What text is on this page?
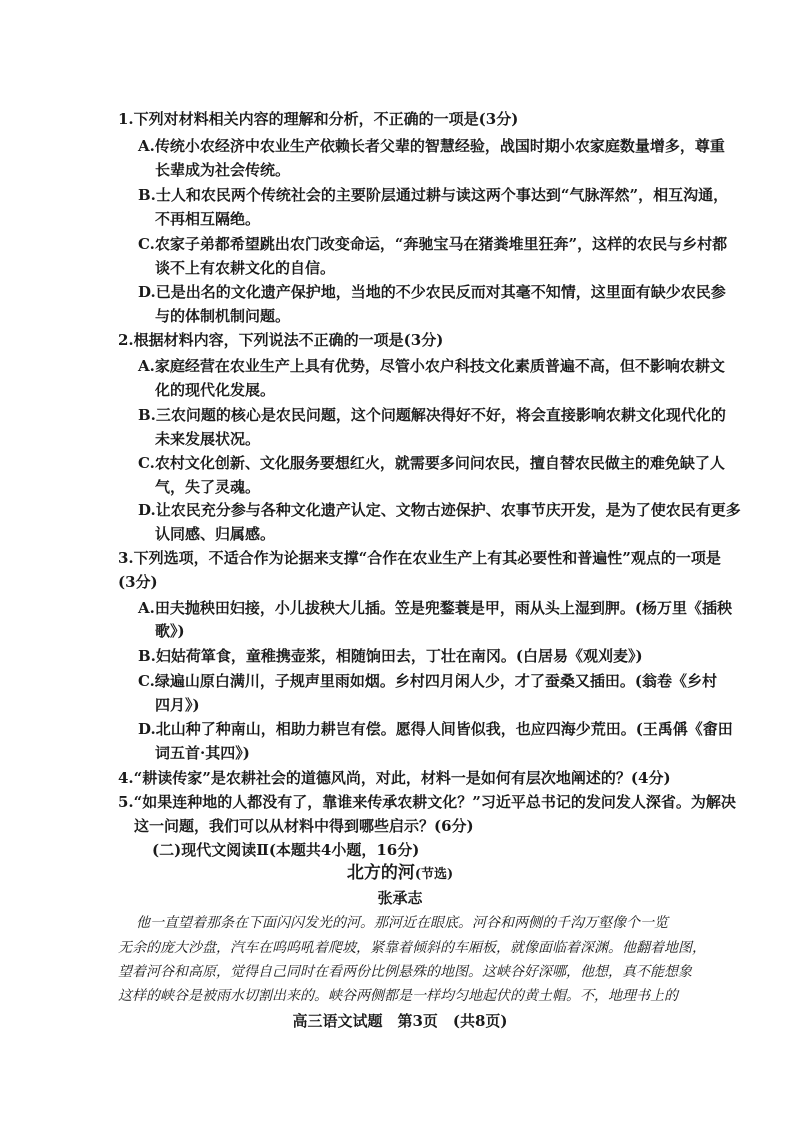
1.下列对材料相关内容的理解和分析，不正确的一项是(3分)
A.传统小农经济中农业生产依赖长者父辈的智慧经验，战国时期小农家庭数量增多，尊重
长辈成为社会传统。
B.士人和农民两个传统社会的主要阶层通过耕与读这两个事达到“气脉浑然”，相互沟通，
不再相互隔绝。
C.农家子弟都希望跳出农门改变命运，“奔驰宝马在猪粪堆里狂奔”，这样的农民与乡村都
谈不上有农耕文化的自信。
D.已是出名的文化遗产保护地，当地的不少农民反而对其毫不知情，这里面有缺少农民参
与的体制机制问题。
2.根据材料内容，下列说法不正确的一项是(3分)
A.家庭经营在农业生产上具有优势，尽管小农户科技文化素质普遍不高，但不影响农耕文
化的现代化发展。
B.三农问题的核心是农民问题，这个问题解决得好不好，将会直接影响农耕文化现代化的
未来发展状况。
C.农村文化创新、文化服务要想红火，就需要多问问农民，擅自替农民做主的难免缺了人
气，失了灵魂。
D.让农民充分参与各种文化遗产认定、文物古迹保护、农事节庆开发，是为了使农民有更多
认同感、归属感。
3.下列选项，不适合作为论据来支撑“合作在农业生产上有其必要性和普遍性”观点的一项是
(3分)
A.田夫抛秧田妇接，小儿拔秧大儿插。笠是兜鍪蓑是甲，雨从头上湿到胛。(杨万里《插秧
歌》)
B.妇姑荷箪食，童稚携壶浆，相随饷田去，丁壮在南冈。(白居易《观刈麦》)
C.绿遍山原白满川，子规声里雨如烟。乡村四月闲人少，才了蚕桑又插田。(翁卷《乡村
四月》)
D.北山种了种南山，相助力耕岂有偿。愿得人间皆似我，也应四海少荒田。(王禹偁《畬田
词五首·其四》)
4.“耕读传家”是农耕社会的道德风尚，对此，材料一是如何有层次地阐述的？(4分)
5.“如果连种地的人都没有了，靠谁来传承农耕文化？”习近平总书记的发问发人深省。为解决
这一问题，我们可以从材料中得到哪些启示？(6分)
(二)现代文阅读Ⅱ(本题共4小题，16分)
北方的河(节选)
张承志
他一直望着那条在下面闪闪发光的河。那河近在眼底。河谷和两侧的千沟万壑像个一览
无余的庞大沙盘，汽车在呜呜吼着爬坡，紧靠着倾斜的车厢板，就像面临着深渊。他翻着地图，
望着河谷和高原，觉得自己同时在看两份比例悬殊的地图。这峡谷好深哪，他想，真不能想象
这样的峡谷是被雨水切割出来的。峡谷两侧都是一样均匀地起伏的黄土帽。不，地理书上的
高三语文试题　第3页　(共8页)
